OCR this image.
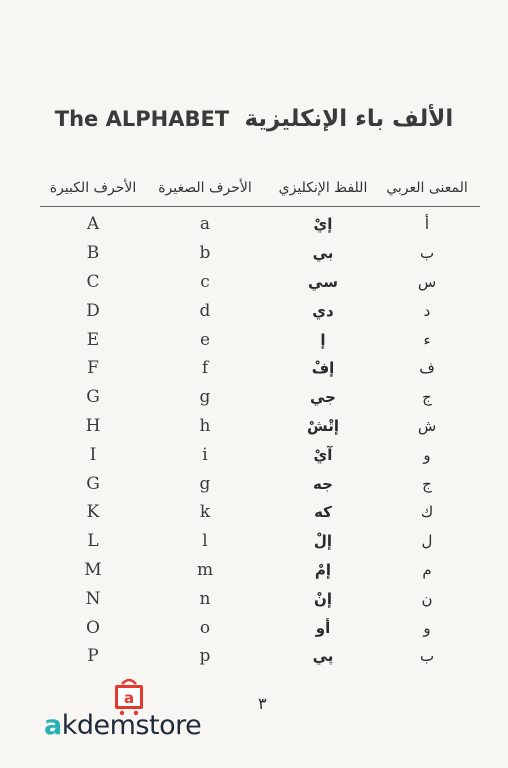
The ALPHABET الألف باء الإنكليزية
الأحرف الكبيرة	الأحرف الصغيرة	اللفظ الإنكليزي	المعنى العربي
A	a	إيْ	أ
B	b	بي	ب
C	c	سي	س
D	d	دي	د
E	e	إ	ء
F	f	إفْ	ف
G	g	جي	ج
H	h	إتْشْ	ش
I	i	آيْ	و
G	g	جه	ج
K	k	كه	ك
L	l	إلْ	ل
M	m	إمْ	م
N	n	إنْ	ن
O	o	أو	و
P	p	پي	ب
a
akdemstore
٣
